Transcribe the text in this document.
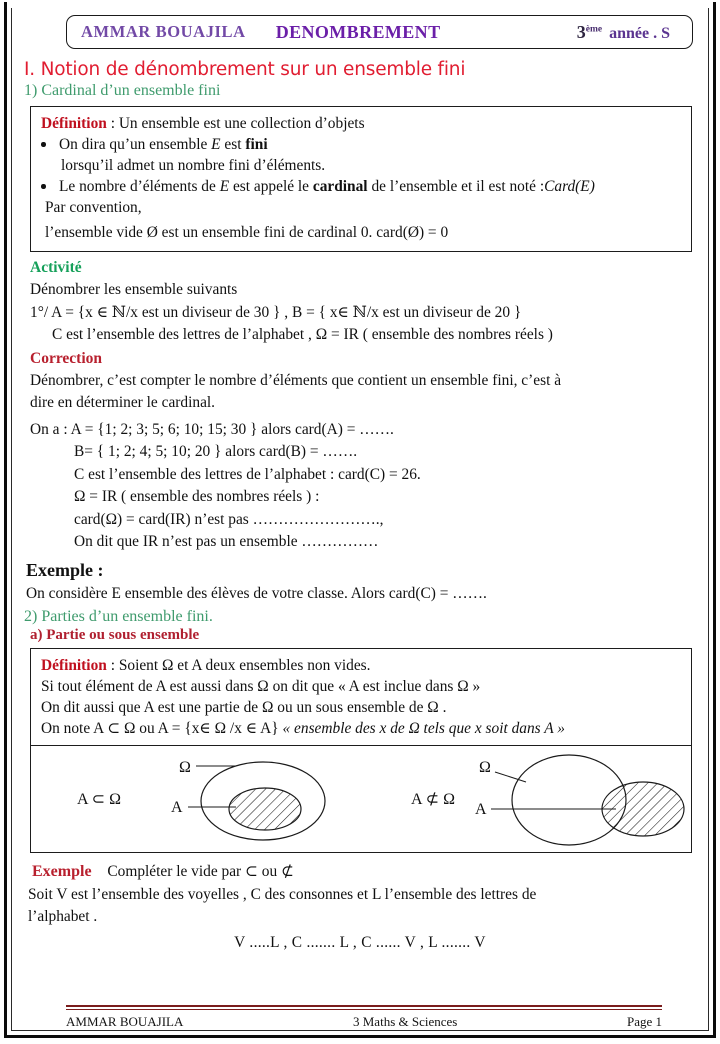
AMMAR BOUAJILA DENOMBREMENT	3ème année . S
I. Notion de dénombrement sur un ensemble fini
1) Cardinal d’un ensemble fini
Définition : Un ensemble est une collection d’objets
On dira qu’un ensemble E est fini
lorsqu’il admet un nombre fini d’éléments.
Le nombre d’éléments de E est appelé le cardinal de l’ensemble et il est noté :Card(E)
Par convention,
l’ensemble vide Ø est un ensemble fini de cardinal 0. card(Ø) = 0
Activité
Dénombrer les ensemble suivants
1°/ A = {x ∈ ℕ/x est un diviseur de 30 } , B = { x∈ ℕ/x est un diviseur de 20 }
C est l’ensemble des lettres de l’alphabet , Ω = IR ( ensemble des nombres réels )
Correction
Dénombrer, c’est compter le nombre d’éléments que contient un ensemble fini, c’est à
dire en déterminer le cardinal.
On a : A = {1; 2; 3; 5; 6; 10; 15; 30 } alors card(A) = …….
B= { 1; 2; 4; 5; 10; 20 } alors card(B) = …….
C est l’ensemble des lettres de l’alphabet : card(C) = 26.
Ω = IR ( ensemble des nombres réels ) :
card(Ω) = card(IR) n’est pas …………………….,
On dit que IR n’est pas un ensemble ……………
Exemple :
On considère E ensemble des élèves de votre classe. Alors card(C) = …….
2) Parties d’un ensemble fini.
a) Partie ou sous ensemble
Définition : Soient Ω et A deux ensembles non vides.
Si tout élément de A est aussi dans Ω on dit que « A est inclue dans Ω »
On dit aussi que A est une partie de Ω ou un sous ensemble de Ω .
On note A ⊂ Ω ou A = {x∈ Ω /x ∈ A} « ensemble des x de Ω tels que x soit dans A »
A ⊂ Ω
Ω
A	A ⊄ Ω
Ω
A
Exemple Compléter le vide par ⊂ ou ⊄
Soit V est l’ensemble des voyelles , C des consonnes et L l’ensemble des lettres de
l’alphabet .
V .....L , C ....... L , C ...... V , L ....... V
AMMAR BOUAJILA	3 Maths & Sciences	Page 1
